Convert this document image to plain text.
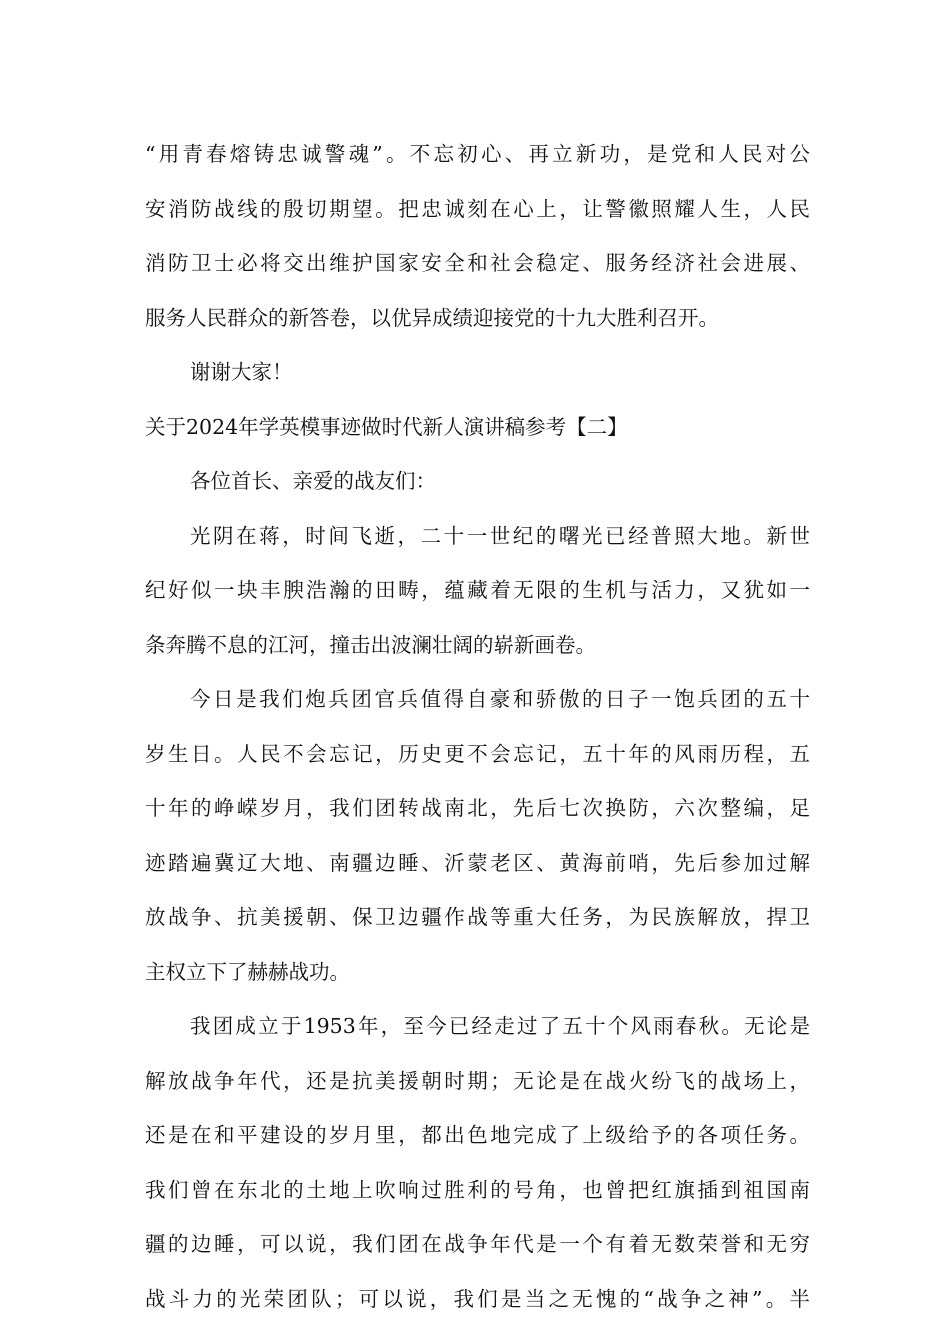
“用青春熔铸忠诚警魂”。不忘初心、再立新功，是党和人民对公
安消防战线的殷切期望。把忠诚刻在心上，让警徽照耀人生，人民
消防卫士必将交出维护国家安全和社会稳定、服务经济社会进展、
服务人民群众的新答卷，以优异成绩迎接党的十九大胜利召开。
谢谢大家！
关于2024年学英模事迹做时代新人演讲稿参考【二】
各位首长、亲爱的战友们：
光阴在蒋，时间飞逝，二十一世纪的曙光已经普照大地。新世
纪好似一块丰腴浩瀚的田畴，蕴藏着无限的生机与活力，又犹如一
条奔腾不息的江河，撞击出波澜壮阔的崭新画卷。
今日是我们炮兵团官兵值得自豪和骄傲的日子一饱兵团的五十
岁生日。人民不会忘记，历史更不会忘记，五十年的风雨历程，五
十年的峥嵘岁月，我们团转战南北，先后七次换防，六次整编，足
迹踏遍冀辽大地、南疆边睡、沂蒙老区、黄海前哨，先后参加过解
放战争、抗美援朝、保卫边疆作战等重大任务，为民族解放，捍卫
主权立下了赫赫战功。
我团成立于1953年，至今已经走过了五十个风雨春秋。无论是
解放战争年代，还是抗美援朝时期；无论是在战火纷飞的战场上，
还是在和平建设的岁月里，都出色地完成了上级给予的各项任务。
我们曾在东北的土地上吹响过胜利的号角，也曾把红旗插到祖国南
疆的边睡，可以说，我们团在战争年代是一个有着无数荣誉和无穷
战斗力的光荣团队；可以说，我们是当之无愧的“战争之神”。半
